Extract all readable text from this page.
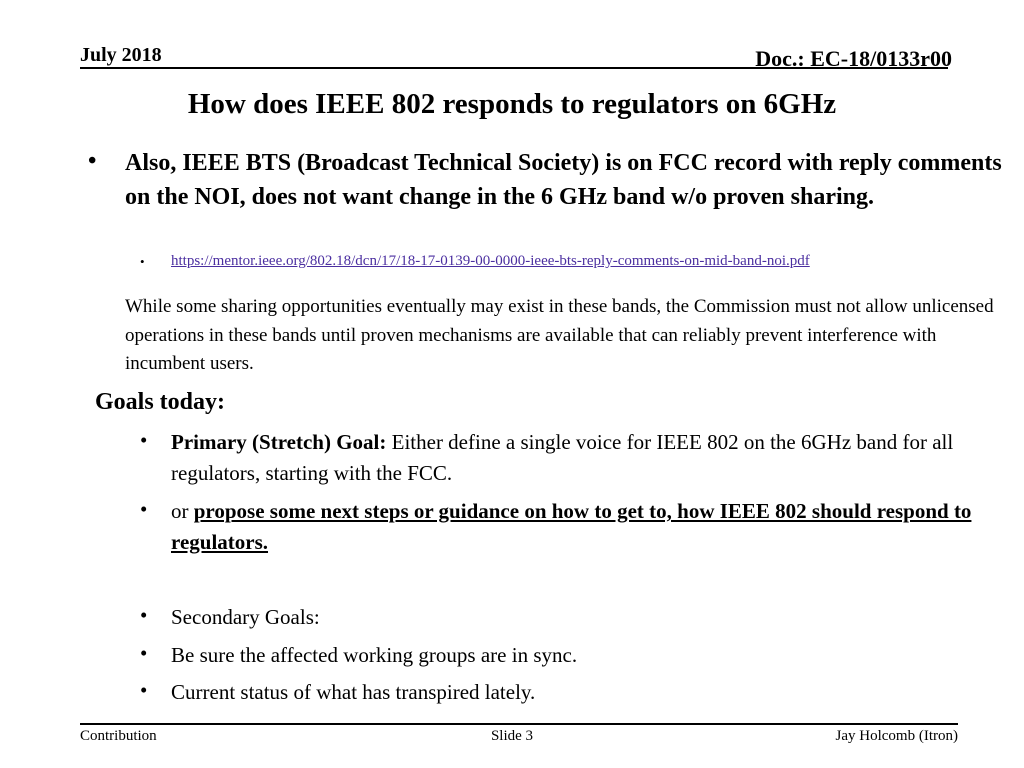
July 2018	Doc.: EC-18/0133r00
How does IEEE 802 responds to regulators on 6GHz
• Also, IEEE BTS (Broadcast Technical Society) is on FCC record with reply comments on the NOI, does not want change in the 6 GHz band w/o proven sharing.
• https://mentor.ieee.org/802.18/dcn/17/18-17-0139-00-0000-ieee-bts-reply-comments-on-mid-band-noi.pdf
While some sharing opportunities eventually may exist in these bands, the Commission must not allow unlicensed operations in these bands until proven mechanisms are available that can reliably prevent interference with incumbent users.
Goals today:
• Primary (Stretch) Goal: Either define a single voice for IEEE 802 on the 6GHz band for all regulators, starting with the FCC.
• or propose some next steps or guidance on how to get to, how IEEE 802 should respond to regulators.
• Secondary Goals:
• Be sure the affected working groups are in sync.
• Current status of what has transpired lately.
Contribution	Slide 3	Jay Holcomb (Itron)
